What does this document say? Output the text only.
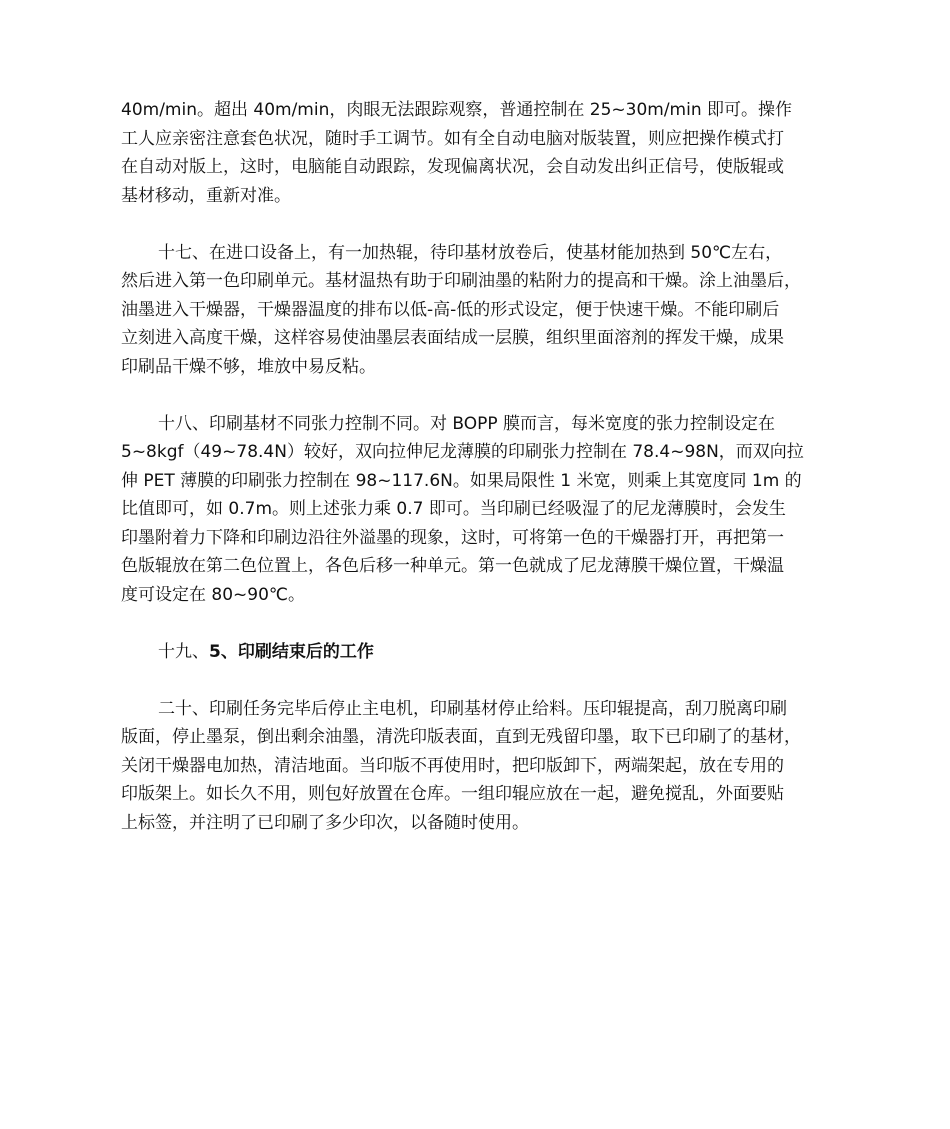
40m/min。超出 40m/min，肉眼无法跟踪观察，普通控制在 25~30m/min 即可。操作
工人应亲密注意套色状况，随时手工调节。如有全自动电脑对版装置，则应把操作模式打
在自动对版上，这时，电脑能自动跟踪，发现偏离状况，会自动发出纠正信号，使版辊或
基材移动，重新对准。
十七、在进口设备上，有一加热辊，待印基材放卷后，使基材能加热到 50℃左右，
然后进入第一色印刷单元。基材温热有助于印刷油墨的粘附力的提高和干燥。涂上油墨后，
油墨进入干燥器，干燥器温度的排布以低-高-低的形式设定，便于快速干燥。不能印刷后
立刻进入高度干燥，这样容易使油墨层表面结成一层膜，组织里面溶剂的挥发干燥，成果
印刷品干燥不够，堆放中易反粘。
十八、印刷基材不同张力控制不同。对 BOPP 膜而言，每米宽度的张力控制设定在
5~8kgf（49~78.4N）较好，双向拉伸尼龙薄膜的印刷张力控制在 78.4~98N，而双向拉
伸 PET 薄膜的印刷张力控制在 98~117.6N。如果局限性 1 米宽，则乘上其宽度同 1m 的
比值即可，如 0.7m。则上述张力乘 0.7 即可。当印刷已经吸湿了的尼龙薄膜时，会发生
印墨附着力下降和印刷边沿往外溢墨的现象，这时，可将第一色的干燥器打开，再把第一
色版辊放在第二色位置上，各色后移一种单元。第一色就成了尼龙薄膜干燥位置，干燥温
度可设定在 80~90℃。
十九、5、印刷结束后的工作
二十、印刷任务完毕后停止主电机，印刷基材停止给料。压印辊提高，刮刀脱离印刷
版面，停止墨泵，倒出剩余油墨，清洗印版表面，直到无残留印墨，取下已印刷了的基材，
关闭干燥器电加热，清洁地面。当印版不再使用时，把印版卸下，两端架起，放在专用的
印版架上。如长久不用，则包好放置在仓库。一组印辊应放在一起，避免搅乱，外面要贴
上标签，并注明了已印刷了多少印次，以备随时使用。
